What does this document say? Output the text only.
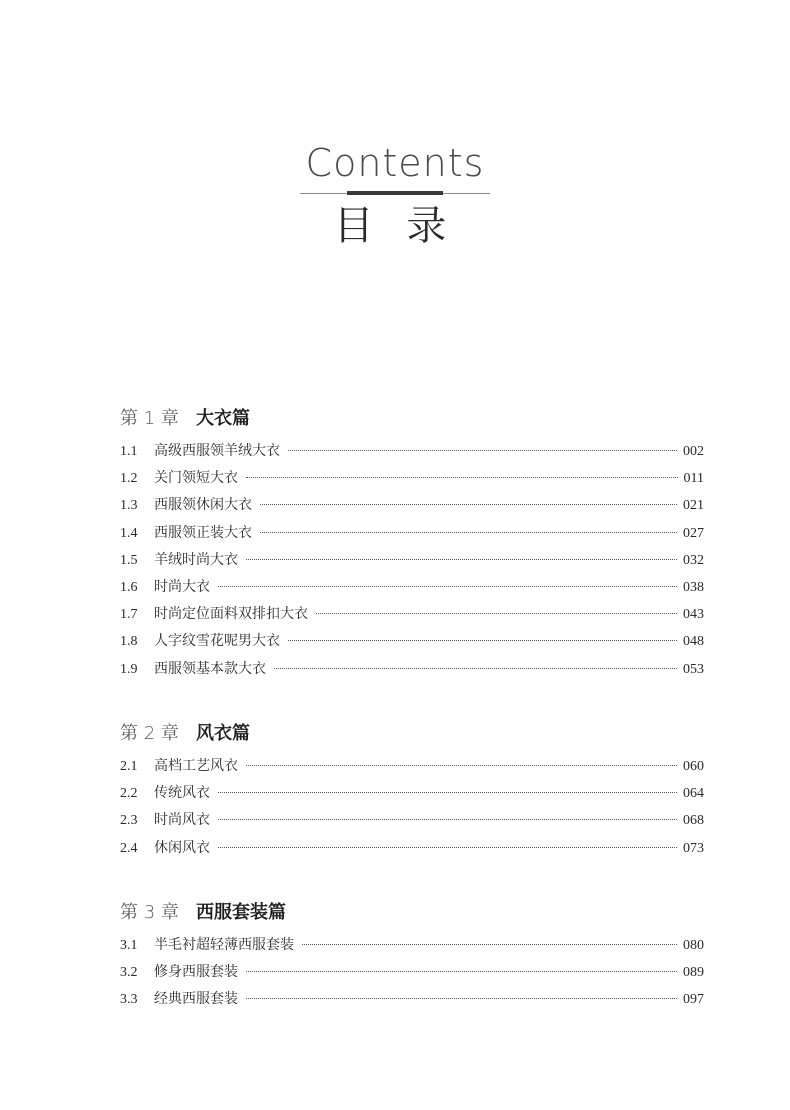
Contents
目 录
第 1 章 大衣篇
1.1	高级西服领羊绒大衣	002
1.2	关门领短大衣	011
1.3	西服领休闲大衣	021
1.4	西服领正装大衣	027
1.5	羊绒时尚大衣	032
1.6	时尚大衣	038
1.7	时尚定位面料双排扣大衣	043
1.8	人字纹雪花呢男大衣	048
1.9	西服领基本款大衣	053
第 2 章 风衣篇
2.1	高档工艺风衣	060
2.2	传统风衣	064
2.3	时尚风衣	068
2.4	休闲风衣	073
第 3 章 西服套装篇
3.1	半毛衬超轻薄西服套装	080
3.2	修身西服套装	089
3.3	经典西服套装	097
